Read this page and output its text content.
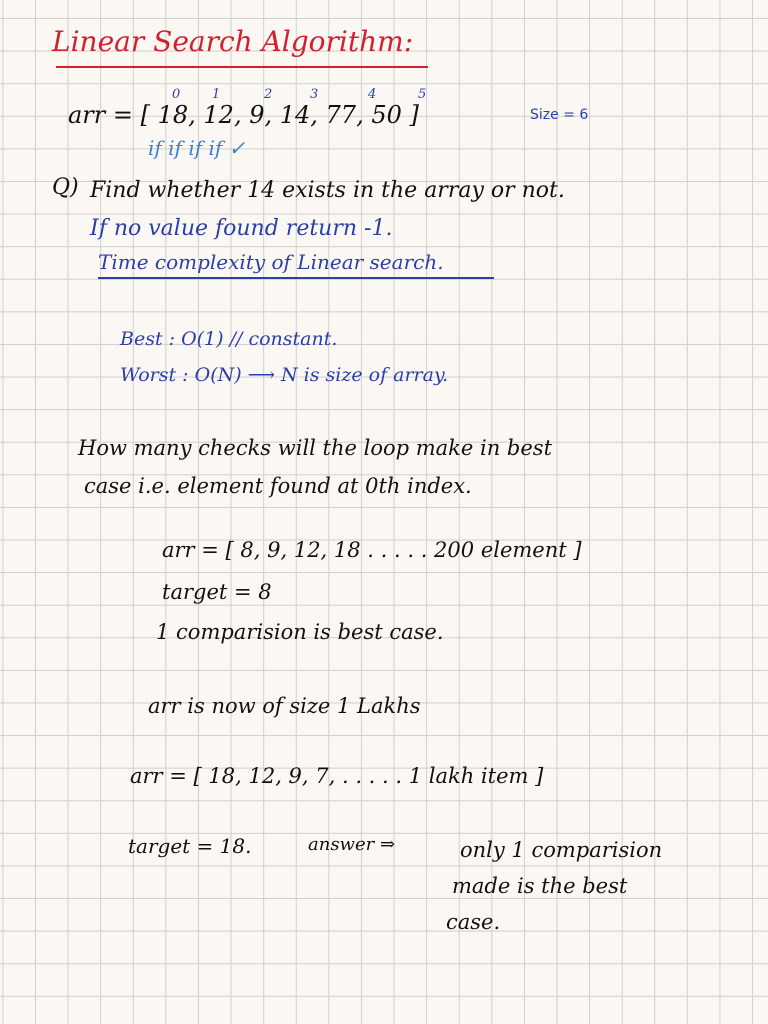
Linear Search Algorithm:
0 1	2	3	4	5
arr = [ 18, 12, 9, 14, 77, 50 ]	Size = 6
if if if if ✓
Q) Find whether 14 exists in the array or not.
If no value found return -1.
Time complexity of Linear search.
Best : O(1) // constant.
Worst : O(N) ⟶ N is size of array.
How many checks will the loop make in best
case i.e. element found at 0th index.
arr = [ 8, 9, 12, 18 . . . . . 200 element ]
target = 8
1 comparision is best case.
arr is now of size 1 Lakhs
arr = [ 18, 12, 9, 7, . . . . . 1 lakh item ]
target = 18.	answer ⇒	only 1 comparision
made is the best
case.
